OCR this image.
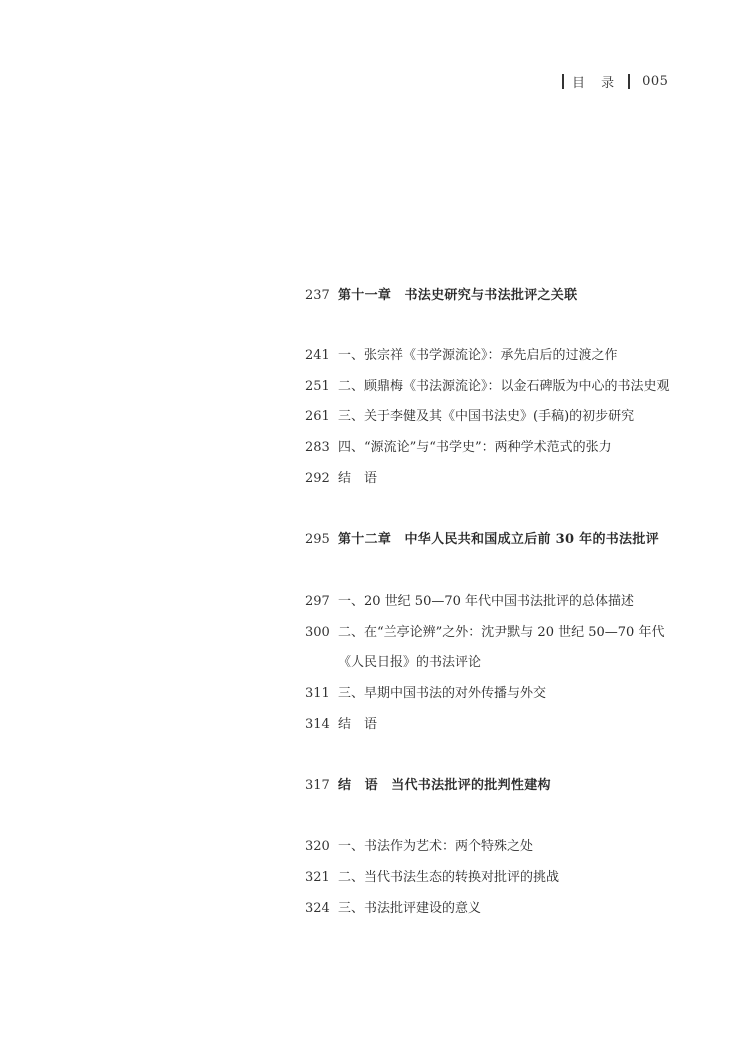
目 录 005
237 第十一章　书法史研究与书法批评之关联
241 一、张宗祥《书学源流论》：承先启后的过渡之作
251 二、顾鼎梅《书法源流论》：以金石碑版为中心的书法史观
261 三、关于李健及其《中国书法史》(手稿)的初步研究
283 四、“源流论”与“书学史”：两种学术范式的张力
292 结　语
295 第十二章　中华人民共和国成立后前 30 年的书法批评
297 一、20 世纪 50—70 年代中国书法批评的总体描述
300 二、在“兰亭论辨”之外：沈尹默与 20 世纪 50—70 年代
《人民日报》的书法评论
311 三、早期中国书法的对外传播与外交
314 结　语
317 结　语　当代书法批评的批判性建构
320 一、书法作为艺术：两个特殊之处
321 二、当代书法生态的转换对批评的挑战
324 三、书法批评建设的意义
